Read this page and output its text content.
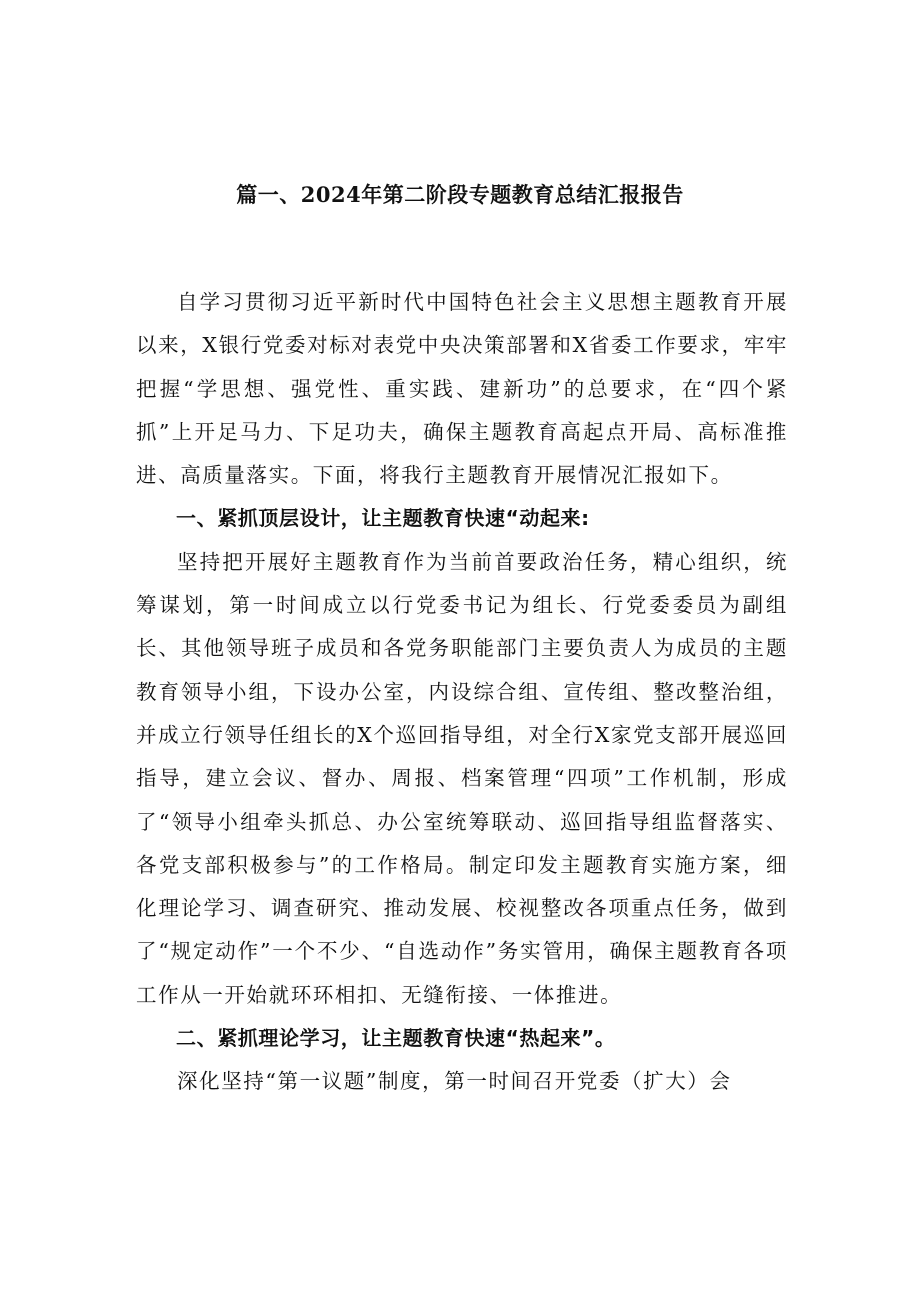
篇一、2024年第二阶段专题教育总结汇报报告

自学习贯彻习近平新时代中国特色社会主义思想主题教育开展以来，X银行党委对标对表党中央决策部署和X省委工作要求，牢牢把握“学思想、强党性、重实践、建新功”的总要求，在“四个紧抓”上开足马力、下足功夫，确保主题教育高起点开局、高标准推进、高质量落实。下面，将我行主题教育开展情况汇报如下。

一、紧抓顶层设计，让主题教育快速“动起来:

坚持把开展好主题教育作为当前首要政治任务，精心组织，统筹谋划，第一时间成立以行党委书记为组长、行党委委员为副组长、其他领导班子成员和各党务职能部门主要负责人为成员的主题教育领导小组，下设办公室，内设综合组、宣传组、整改整治组，并成立行领导任组长的X个巡回指导组，对全行X家党支部开展巡回指导，建立会议、督办、周报、档案管理“四项”工作机制，形成了“领导小组牵头抓总、办公室统筹联动、巡回指导组监督落实、各党支部积极参与”的工作格局。制定印发主题教育实施方案，细化理论学习、调查研究、推动发展、校视整改各项重点任务，做到了“规定动作”一个不少、“自选动作”务实管用，确保主题教育各项工作从一开始就环环相扣、无缝衔接、一体推进。

二、紧抓理论学习，让主题教育快速“热起来”。

深化坚持“第一议题”制度，第一时间召开党委（扩大）会
